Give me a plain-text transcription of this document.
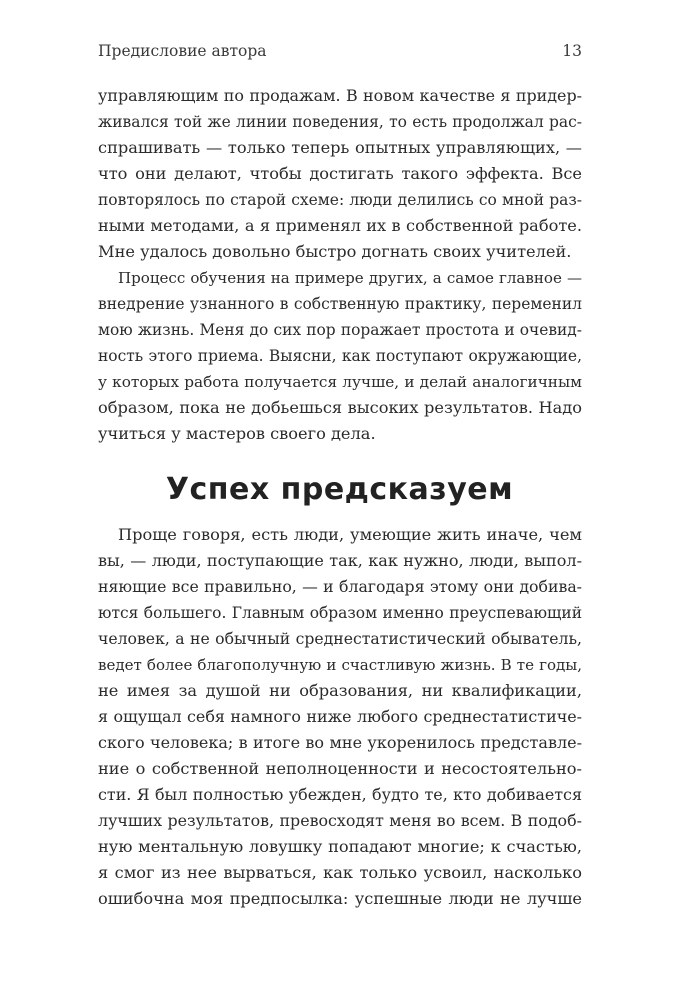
Предисловие автора	13
управляющим по продажам. В новом качестве я придер-
живался той же линии поведения, то есть продолжал рас-
спрашивать — только теперь опытных управляющих, —
что они делают, чтобы достигать такого эффекта. Все
повторялось по старой схеме: люди делились со мной раз-
ными методами, а я применял их в собственной работе.
Мне удалось довольно быстро догнать своих учителей.
Процесс обучения на примере других, а самое главное —
внедрение узнанного в собственную практику, переменил
мою жизнь. Меня до сих пор поражает простота и очевид-
ность этого приема. Выясни, как поступают окружающие,
у которых работа получается лучше, и делай аналогичным
образом, пока не добьешься высоких результатов. Надо
учиться у мастеров своего дела.
Успех предсказуем
Проще говоря, есть люди, умеющие жить иначе, чем
вы, — люди, поступающие так, как нужно, люди, выпол-
няющие все правильно, — и благодаря этому они добива-
ются большего. Главным образом именно преуспевающий
человек, а не обычный среднестатистический обыватель,
ведет более благополучную и счастливую жизнь. В те годы,
не имея за душой ни образования, ни квалификации,
я ощущал себя намного ниже любого среднестатистиче-
ского человека; в итоге во мне укоренилось представле-
ние о собственной неполноценности и несостоятельно-
сти. Я был полностью убежден, будто те, кто добивается
лучших результатов, превосходят меня во всем. В подоб-
ную ментальную ловушку попадают многие; к счастью,
я смог из нее вырваться, как только усвоил, насколько
ошибочна моя предпосылка: успешные люди не лучше
